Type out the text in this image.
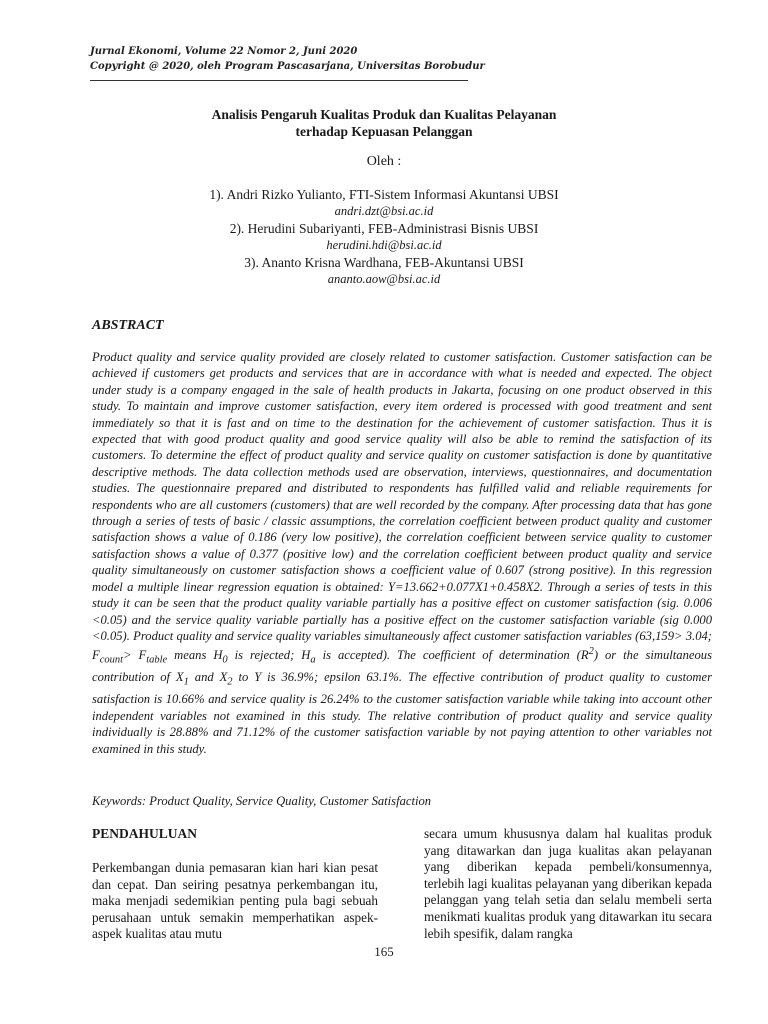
Jurnal Ekonomi, Volume 22 Nomor 2, Juni 2020
Copyright @ 2020, oleh Program Pascasarjana, Universitas Borobudur
Analisis Pengaruh Kualitas Produk dan Kualitas Pelayanan
terhadap Kepuasan Pelanggan
Oleh :
1). Andri Rizko Yulianto, FTI-Sistem Informasi Akuntansi UBSI
andri.dzt@bsi.ac.id
2). Herudini Subariyanti, FEB-Administrasi Bisnis UBSI
herudini.hdi@bsi.ac.id
3). Ananto Krisna Wardhana, FEB-Akuntansi UBSI
ananto.aow@bsi.ac.id
ABSTRACT
Product quality and service quality provided are closely related to customer satisfaction. Customer satisfaction can be achieved if customers get products and services that are in accordance with what is needed and expected. The object under study is a company engaged in the sale of health products in Jakarta, focusing on one product observed in this study. To maintain and improve customer satisfaction, every item ordered is processed with good treatment and sent immediately so that it is fast and on time to the destination for the achievement of customer satisfaction. Thus it is expected that with good product quality and good service quality will also be able to remind the satisfaction of its customers. To determine the effect of product quality and service quality on customer satisfaction is done by quantitative descriptive methods. The data collection methods used are observation, interviews, questionnaires, and documentation studies. The questionnaire prepared and distributed to respondents has fulfilled valid and reliable requirements for respondents who are all customers (customers) that are well recorded by the company. After processing data that has gone through a series of tests of basic / classic assumptions, the correlation coefficient between product quality and customer satisfaction shows a value of 0.186 (very low positive), the correlation coefficient between service quality to customer satisfaction shows a value of 0.377 (positive low) and the correlation coefficient between product quality and service quality simultaneously on customer satisfaction shows a coefficient value of 0.607 (strong positive). In this regression model a multiple linear regression equation is obtained: Y=13.662+0.077X1+0.458X2. Through a series of tests in this study it can be seen that the product quality variable partially has a positive effect on customer satisfaction (sig. 0.006 <0.05) and the service quality variable partially has a positive effect on the customer satisfaction variable (sig 0.000 <0.05). Product quality and service quality variables simultaneously affect customer satisfaction variables (63,159> 3.04; $F_{count}> F_{table}$ means $H_0$ is rejected; $H_a$ is accepted). The coefficient of determination $(R^2)$ or the simultaneous contribution of $X_1$ and $X_2$ to Y is 36.9%; epsilon 63.1%. The effective contribution of product quality to customer satisfaction is 10.66% and service quality is 26.24% to the customer satisfaction variable while taking into account other independent variables not examined in this study. The relative contribution of product quality and service quality individually is 28.88% and 71.12% of the customer satisfaction variable by not paying attention to other variables not examined in this study.
Keywords: Product Quality, Service Quality, Customer Satisfaction
PENDAHULUAN

Perkembangan dunia pemasaran kian hari kian pesat dan cepat. Dan seiring pesatnya perkembangan itu, maka menjadi sedemikian penting pula bagi sebuah perusahaan untuk semakin memperhatikan aspek-aspek kualitas atau mutu

secara umum khususnya dalam hal kualitas produk yang ditawarkan dan juga kualitas akan pelayanan yang diberikan kepada pembeli/konsumennya, terlebih lagi kualitas pelayanan yang diberikan kepada pelanggan yang telah setia dan selalu membeli serta menikmati kualitas produk yang ditawarkan itu secara lebih spesifik, dalam rangka

165
